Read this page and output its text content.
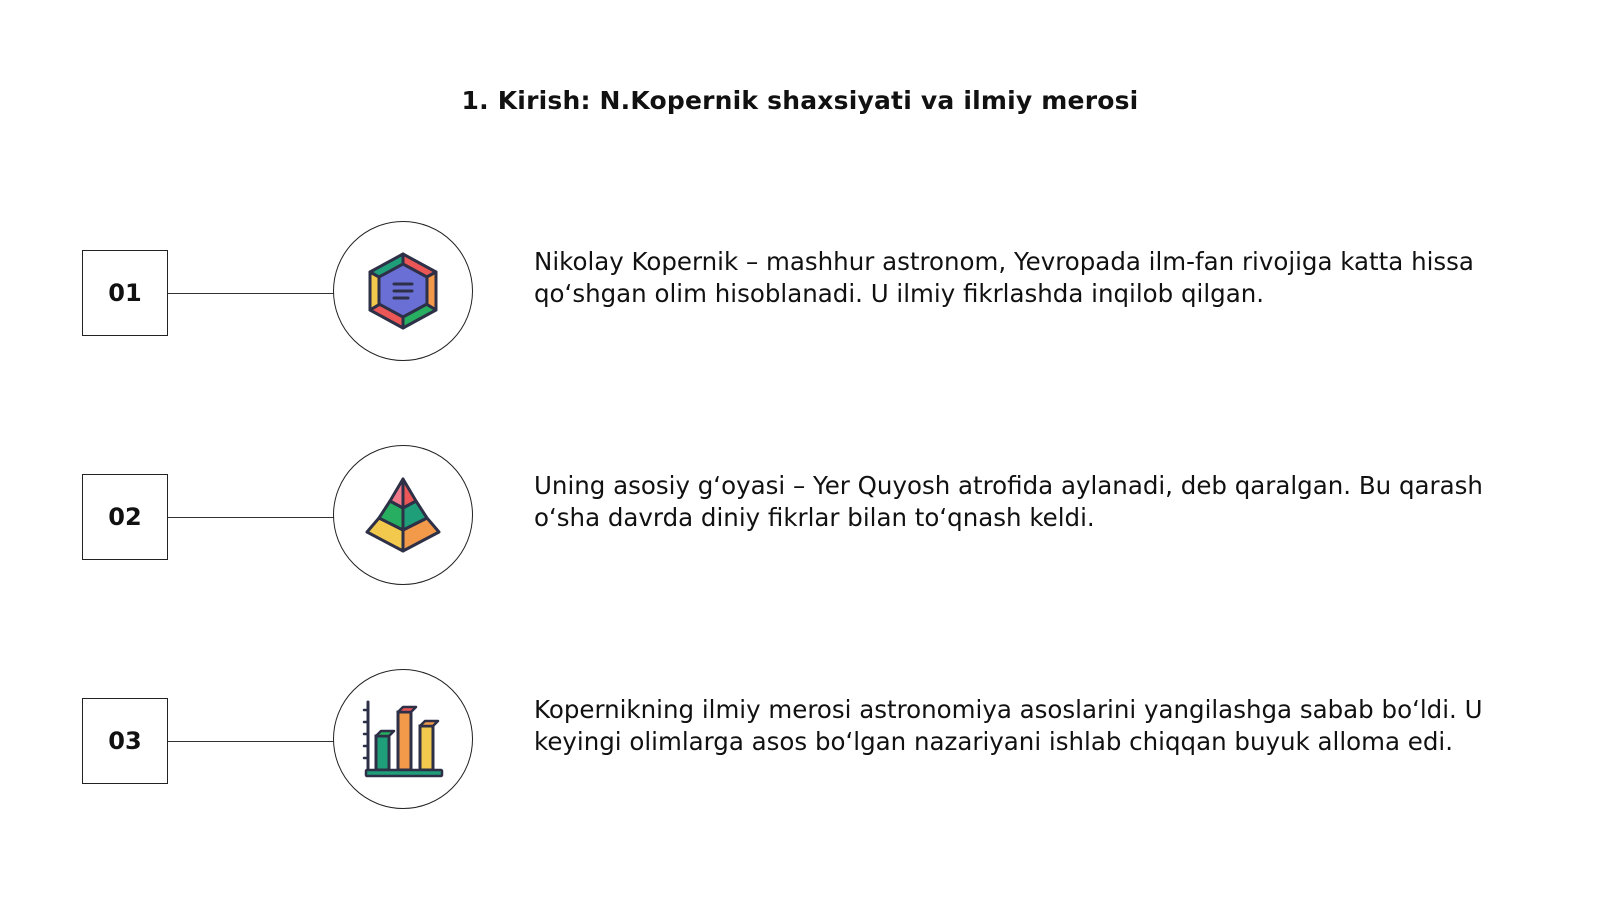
1. Kirish: N.Kopernik shaxsiyati va ilmiy merosi
01

Nikolay Kopernik – mashhur astronom, Yevropada ilm-fan rivojiga katta hissa qo‘shgan olim hisoblanadi. U ilmiy fikrlashda inqilob qilgan.

02

Uning asosiy g‘oyasi – Yer Quyosh atrofida aylanadi, deb qaralgan. Bu qarash o‘sha davrda diniy fikrlar bilan to‘qnash keldi.

03

Kopernikning ilmiy merosi astronomiya asoslarini yangilashga sabab bo‘ldi. U keyingi olimlarga asos bo‘lgan nazariyani ishlab chiqqan buyuk alloma edi.
